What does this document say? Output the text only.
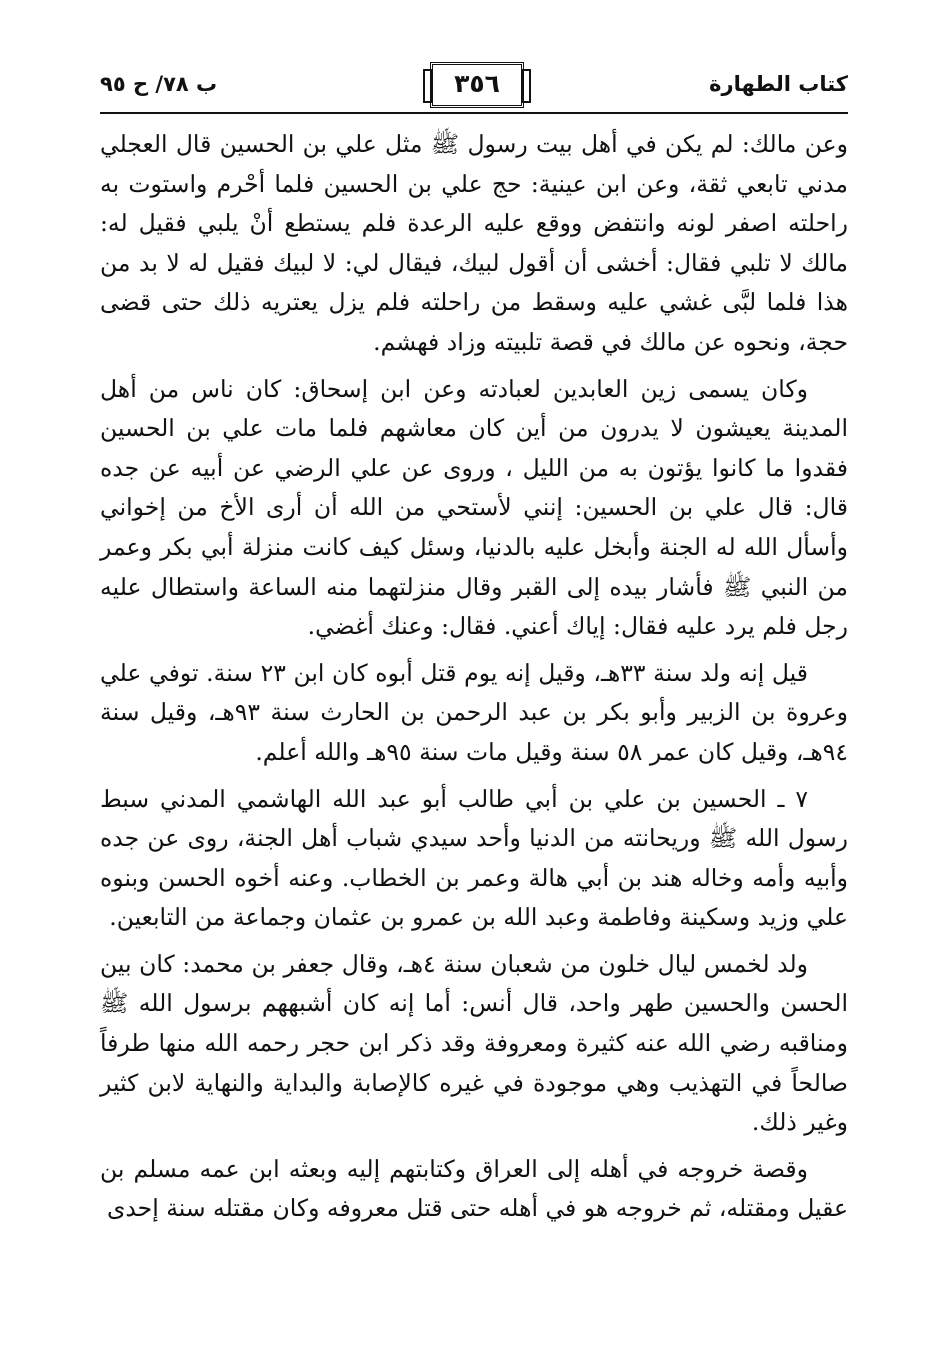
كتاب الطهارة
٣٥٦
ب ٧٨/ ح ٩٥

وعن مالك: لم يكن في أهل بيت رسول ﷺ مثل علي بن الحسين قال العجلي مدني تابعي ثقة، وعن ابن عينية: حج علي بن الحسين فلما أحْرم واستوت به راحلته اصفر لونه وانتفض ووقع عليه الرعدة فلم يستطع أنْ يلبي فقيل له: مالك لا تلبي فقال: أخشى أن أقول لبيك، فيقال لي: لا لبيك فقيل له لا بد من هذا فلما لبَّى غشي عليه وسقط من راحلته فلم يزل يعتريه ذلك حتى قضى حجة، ونحوه عن مالك في قصة تلبيته وزاد فهشم.

وكان يسمى زين العابدين لعبادته وعن ابن إسحاق: كان ناس من أهل المدينة يعيشون لا يدرون من أين كان معاشهم فلما مات علي بن الحسين فقدوا ما كانوا يؤتون به من الليل ، وروى عن علي الرضي عن أبيه عن جده قال: قال علي بن الحسين: إنني لأستحي من الله أن أرى الأخ من إخواني وأسأل الله له الجنة وأبخل عليه بالدنيا، وسئل كيف كانت منزلة أبي بكر وعمر من النبي ﷺ فأشار بيده إلى القبر وقال منزلتهما منه الساعة واستطال عليه رجل فلم يرد عليه فقال: إياك أعني. فقال: وعنك أغضي.

قيل إنه ولد سنة ٣٣هـ، وقيل إنه يوم قتل أبوه كان ابن ٢٣ سنة. توفي علي وعروة بن الزبير وأبو بكر بن عبد الرحمن بن الحارث سنة ٩٣هـ، وقيل سنة ٩٤هـ، وقيل كان عمر ٥٨ سنة وقيل مات سنة ٩٥هـ والله أعلم.

٧ ـ الحسين بن علي بن أبي طالب أبو عبد الله الهاشمي المدني سبط رسول الله ﷺ وريحانته من الدنيا وأحد سيدي شباب أهل الجنة، روى عن جده وأبيه وأمه وخاله هند بن أبي هالة وعمر بن الخطاب. وعنه أخوه الحسن وبنوه علي وزيد وسكينة وفاطمة وعبد الله بن عمرو بن عثمان وجماعة من التابعين.

ولد لخمس ليال خلون من شعبان سنة ٤هـ، وقال جعفر بن محمد: كان بين الحسن والحسين طهر واحد، قال أنس: أما إنه كان أشبههم برسول الله ﷺ ومناقبه رضي الله عنه كثيرة ومعروفة وقد ذكر ابن حجر رحمه الله منها طرفاً صالحاً في التهذيب وهي موجودة في غيره كالإصابة والبداية والنهاية لابن كثير وغير ذلك.

وقصة خروجه في أهله إلى العراق وكتابتهم إليه وبعثه ابن عمه مسلم بن عقيل ومقتله، ثم خروجه هو في أهله حتى قتل معروفه وكان مقتله سنة إحدى
